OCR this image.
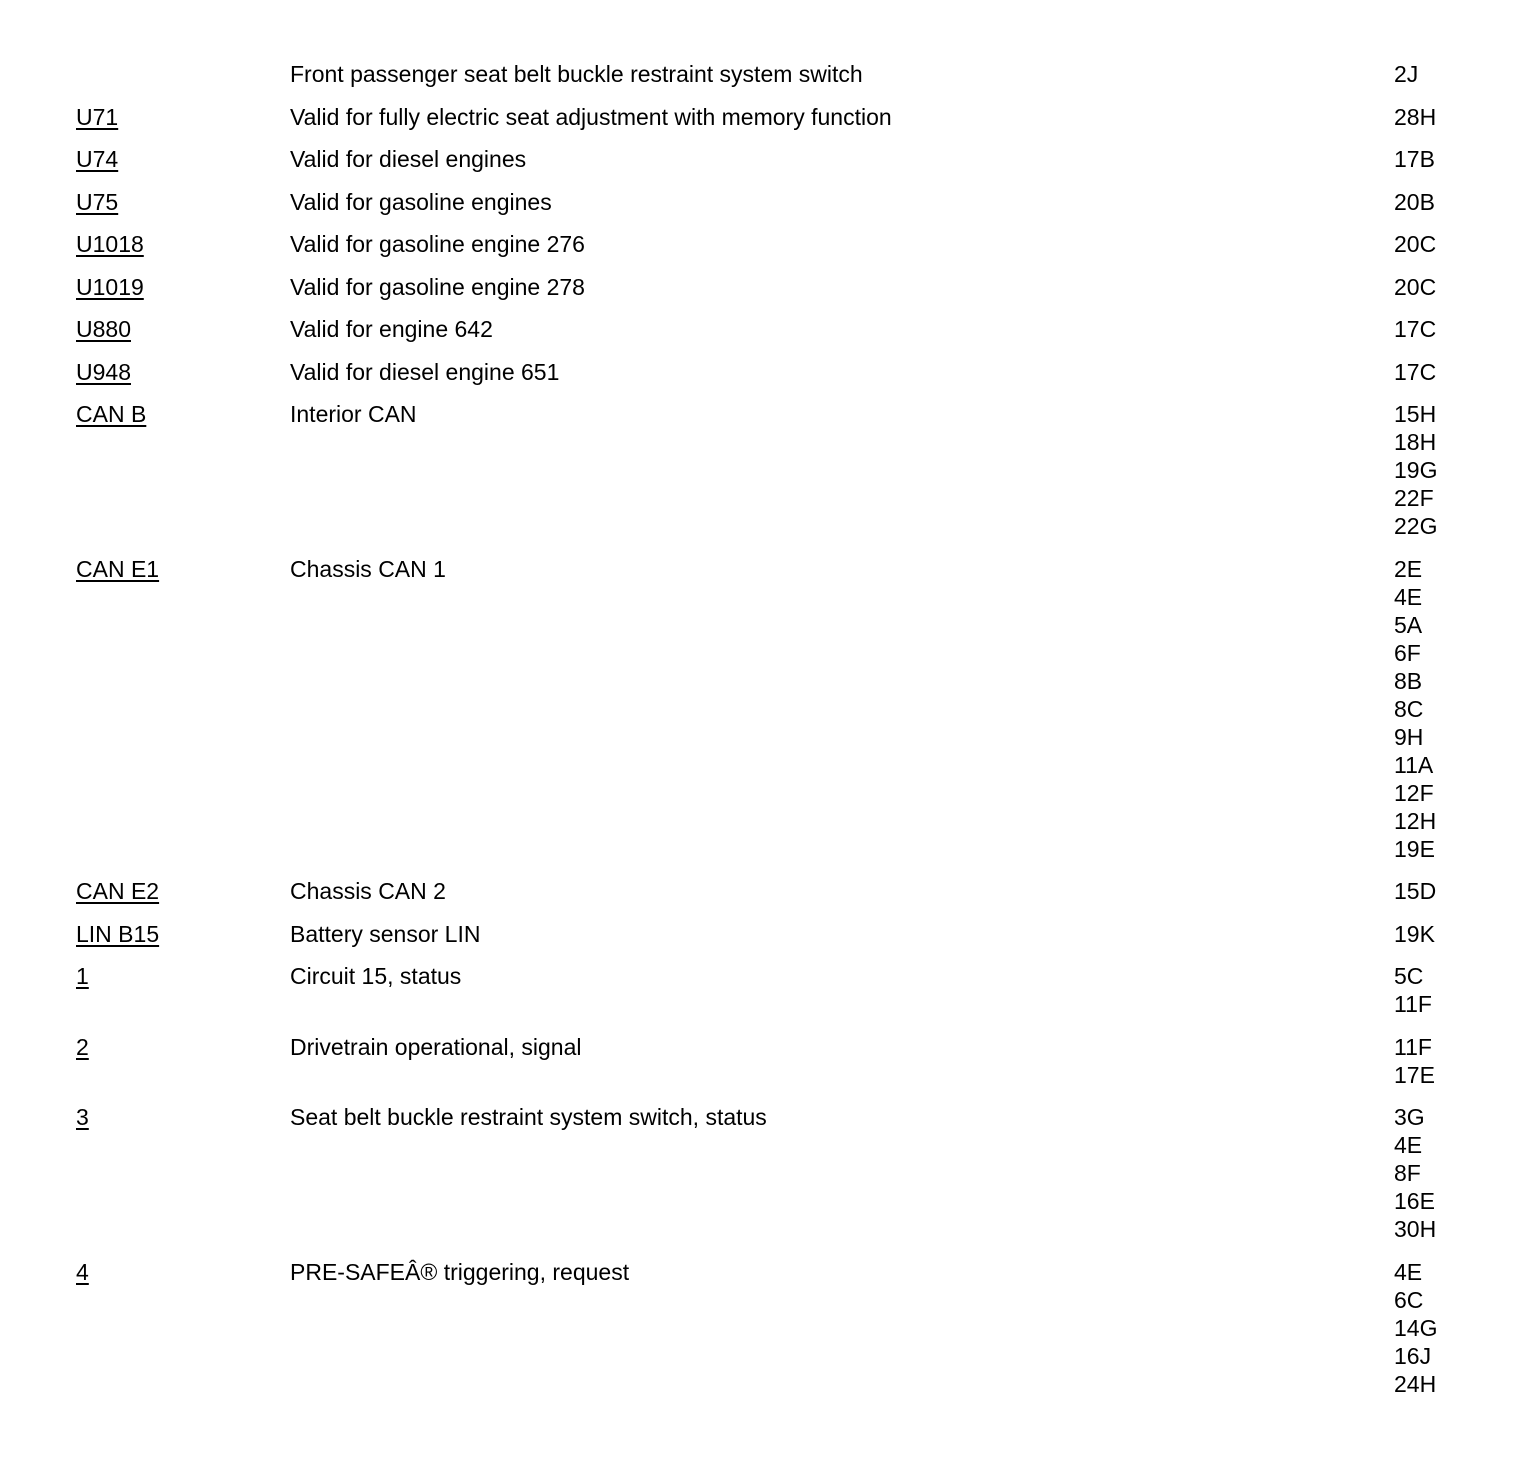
Front passenger seat belt buckle restraint system switch	2J
U71	Valid for fully electric seat adjustment with memory function	28H
U74	Valid for diesel engines	17B
U75	Valid for gasoline engines	20B
U1018	Valid for gasoline engine 276	20C
U1019	Valid for gasoline engine 278	20C
U880	Valid for engine 642	17C
U948	Valid for diesel engine 651	17C
CAN B	Interior CAN	15H
18H
19G
22F
22G
CAN E1	Chassis CAN 1	2E
4E
5A
6F
8B
8C
9H
11A
12F
12H
19E
CAN E2	Chassis CAN 2	15D
LIN B15	Battery sensor LIN	19K
1	Circuit 15, status	5C
11F
2	Drivetrain operational, signal	11F
17E
3	Seat belt buckle restraint system switch, status	3G
4E
8F
16E
30H
4	PRE-SAFEÂ® triggering, request	4E
6C
14G
16J
24H
